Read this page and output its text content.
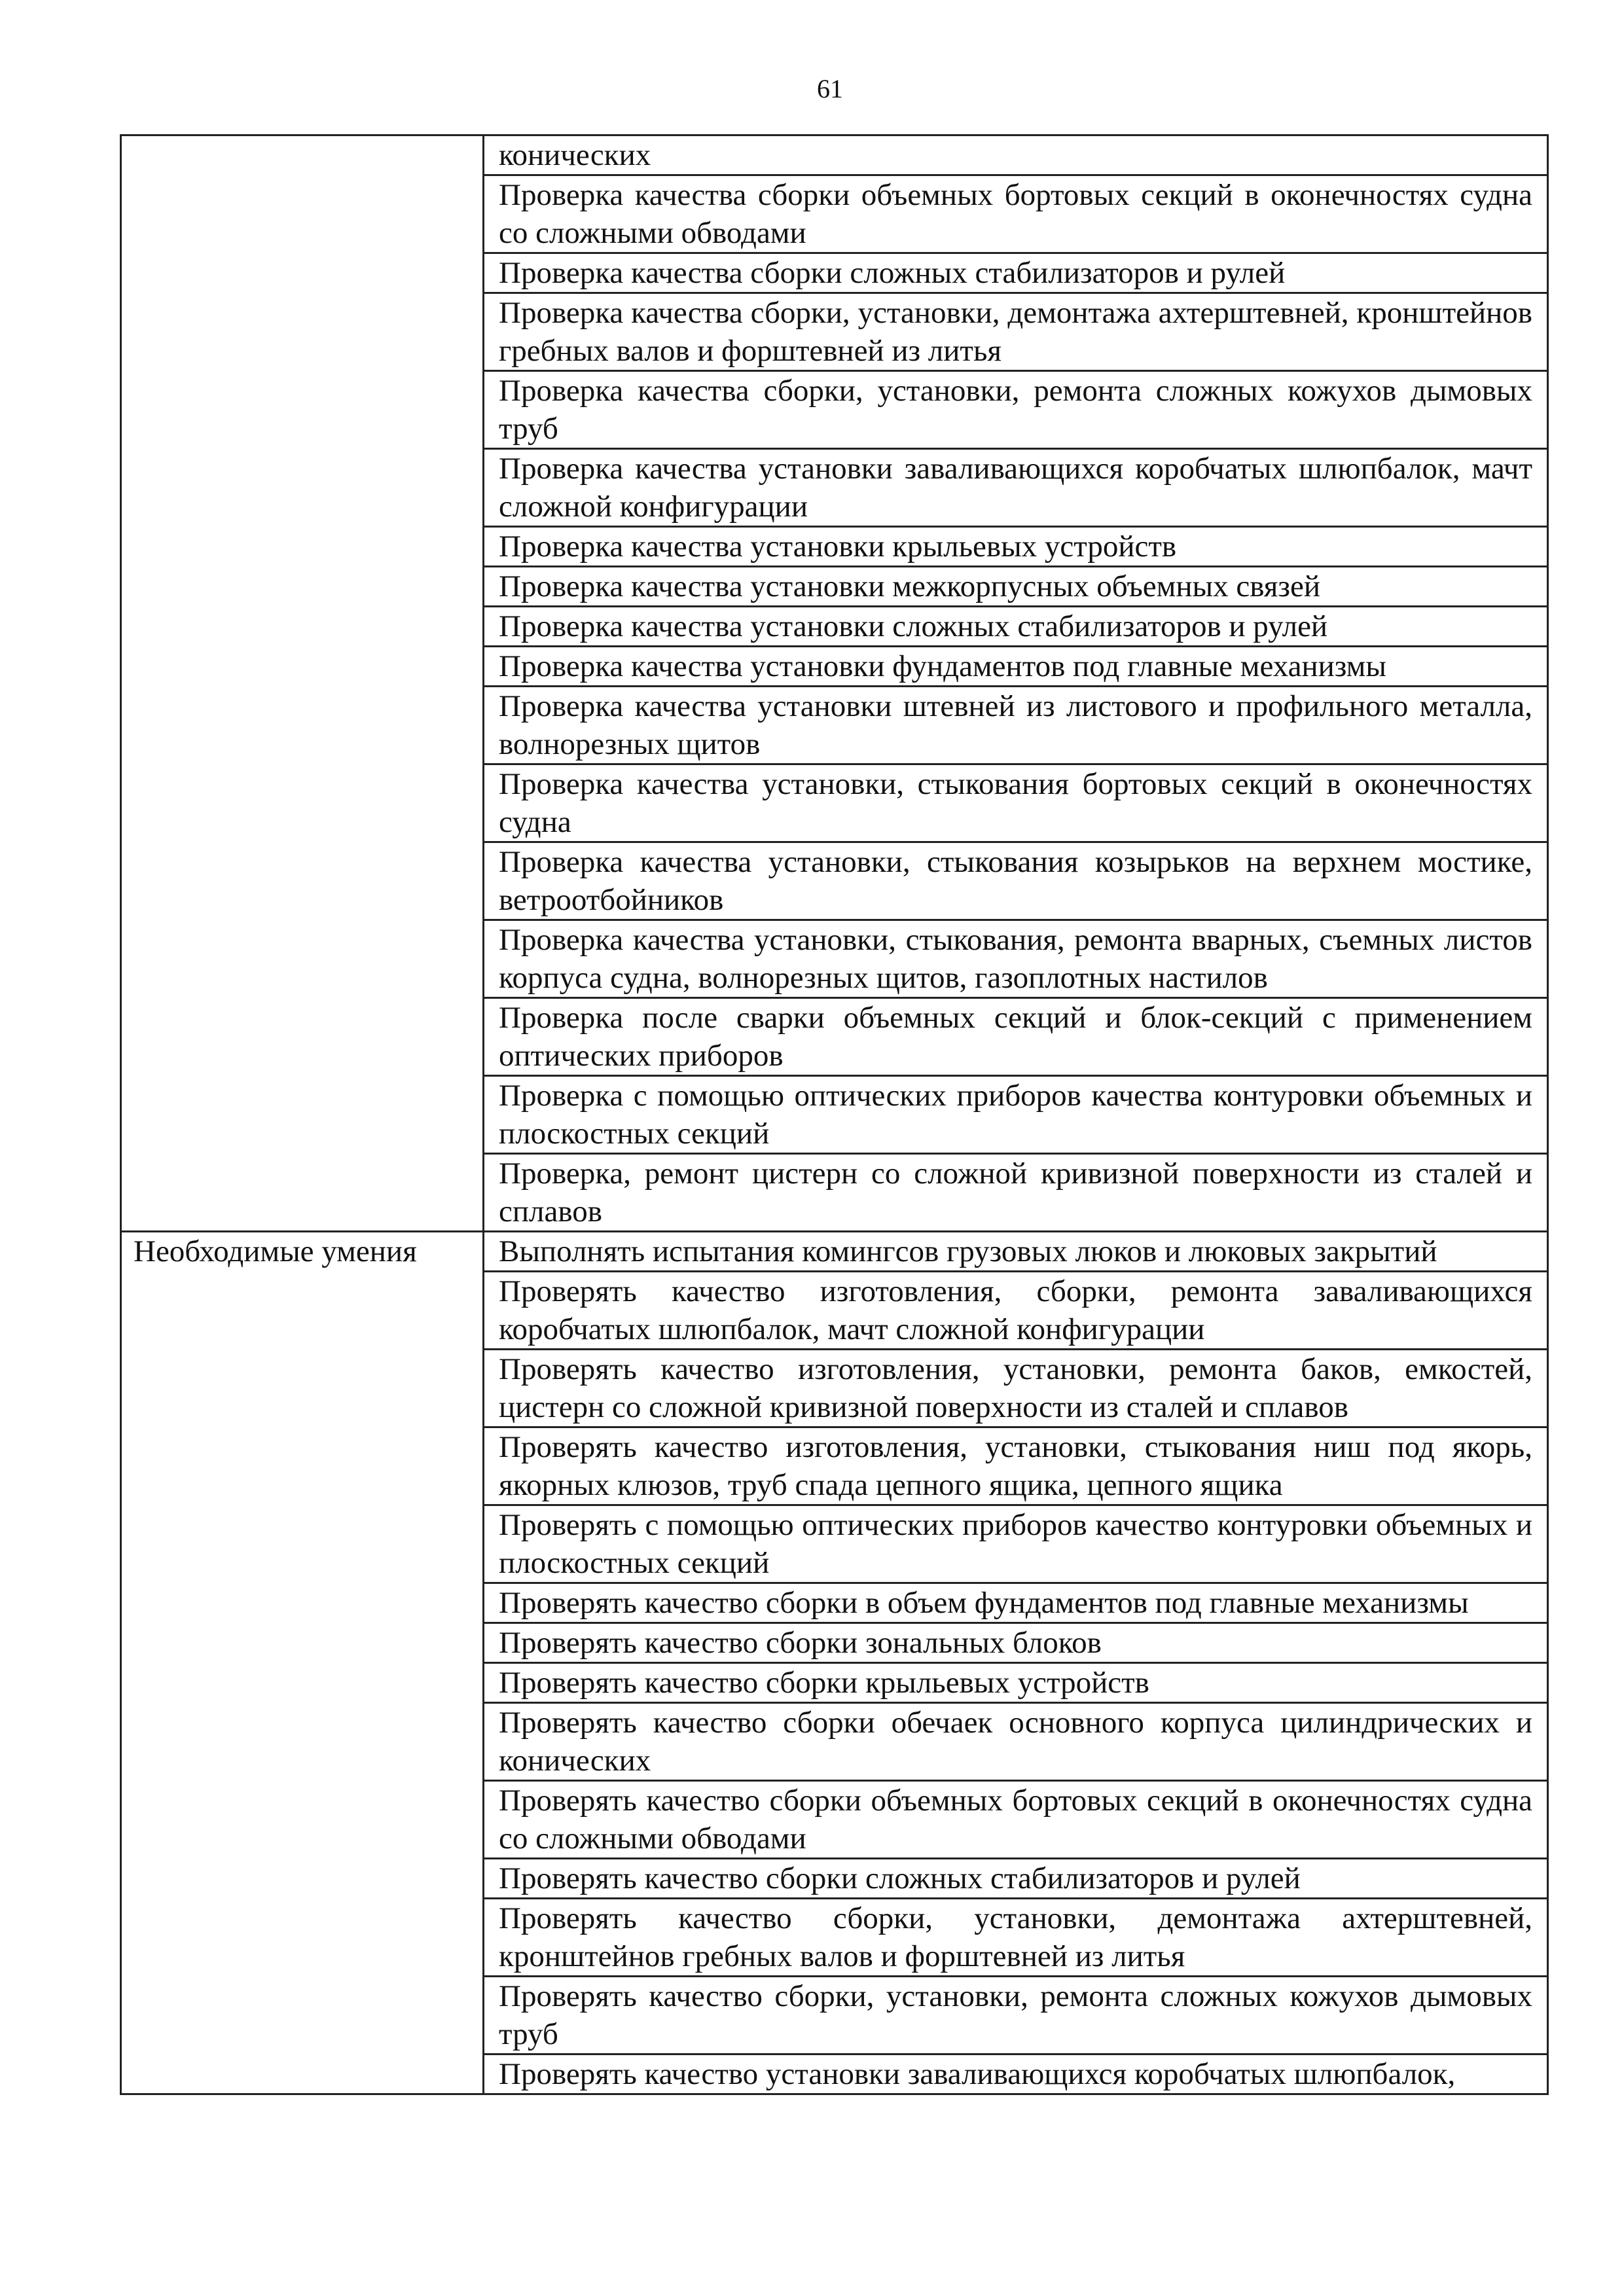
61
	конических
	Проверка качества сборки объемных бортовых секций в оконечностях судна со сложными обводами
	Проверка качества сборки сложных стабилизаторов и рулей
	Проверка качества сборки, установки, демонтажа ахтерштевней, кронштейнов гребных валов и форштевней из литья
	Проверка качества сборки, установки, ремонта сложных кожухов дымовых труб
	Проверка качества установки заваливающихся коробчатых шлюпбалок, мачт сложной конфигурации
	Проверка качества установки крыльевых устройств
	Проверка качества установки межкорпусных объемных связей
	Проверка качества установки сложных стабилизаторов и рулей
	Проверка качества установки фундаментов под главные механизмы
	Проверка качества установки штевней из листового и профильного металла, волнорезных щитов
	Проверка качества установки, стыкования бортовых секций в оконечностях судна
	Проверка качества установки, стыкования козырьков на верхнем мостике, ветроотбойников
	Проверка качества установки, стыкования, ремонта вварных, съемных листов корпуса судна, волнорезных щитов, газоплотных настилов
	Проверка после сварки объемных секций и блок-секций с применением оптических приборов
	Проверка с помощью оптических приборов качества контуровки объемных и плоскостных секций
	Проверка, ремонт цистерн со сложной кривизной поверхности из сталей и сплавов
Необходимые умения	Выполнять испытания комингсов грузовых люков и люковых закрытий
	Проверять качество изготовления, сборки, ремонта заваливающихся коробчатых шлюпбалок, мачт сложной конфигурации
	Проверять качество изготовления, установки, ремонта баков, емкостей, цистерн со сложной кривизной поверхности из сталей и сплавов
	Проверять качество изготовления, установки, стыкования ниш под якорь, якорных клюзов, труб спада цепного ящика, цепного ящика
	Проверять с помощью оптических приборов качество контуровки объемных и плоскостных секций
	Проверять качество сборки в объем фундаментов под главные механизмы
	Проверять качество сборки зональных блоков
	Проверять качество сборки крыльевых устройств
	Проверять качество сборки обечаек основного корпуса цилиндрических и конических
	Проверять качество сборки объемных бортовых секций в оконечностях судна со сложными обводами
	Проверять качество сборки сложных стабилизаторов и рулей
	Проверять качество сборки, установки, демонтажа ахтерштевней, кронштейнов гребных валов и форштевней из литья
	Проверять качество сборки, установки, ремонта сложных кожухов дымовых труб
	Проверять качество установки заваливающихся коробчатых шлюпбалок,
